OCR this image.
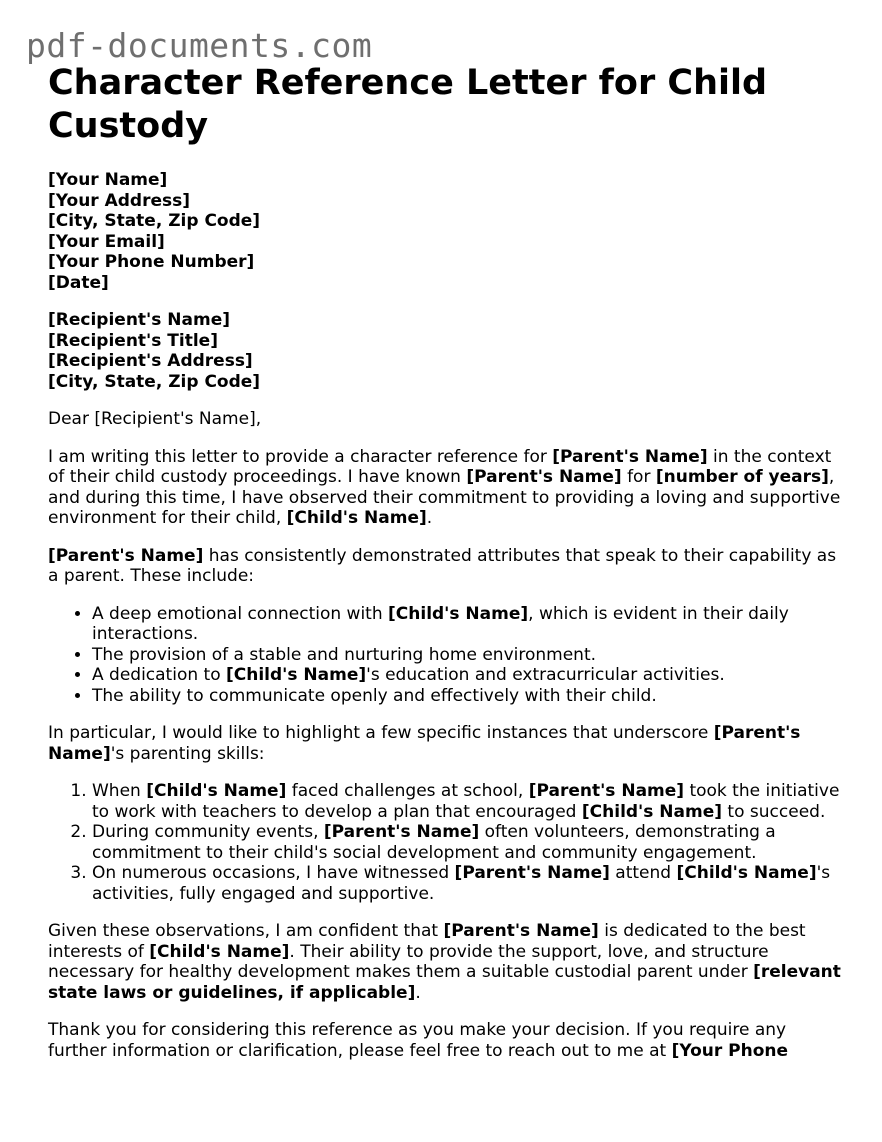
pdf-documents.com
Character Reference Letter for Child Custody
[Your Name]
[Your Address]
[City, State, Zip Code]
[Your Email]
[Your Phone Number]
[Date]
[Recipient's Name]
[Recipient's Title]
[Recipient's Address]
[City, State, Zip Code]

Dear [Recipient's Name],

I am writing this letter to provide a character reference for [Parent's Name] in the context of their child custody proceedings. I have known [Parent's Name] for [number of years], and during this time, I have observed their commitment to providing a loving and supportive environment for their child, [Child's Name].

[Parent's Name] has consistently demonstrated attributes that speak to their capability as a parent. These include:

• A deep emotional connection with [Child's Name], which is evident in their daily interactions.
• The provision of a stable and nurturing home environment.
• A dedication to [Child's Name]'s education and extracurricular activities.
• The ability to communicate openly and effectively with their child.

In particular, I would like to highlight a few specific instances that underscore [Parent's Name]'s parenting skills:

1. When [Child's Name] faced challenges at school, [Parent's Name] took the initiative to work with teachers to develop a plan that encouraged [Child's Name] to succeed.
2. During community events, [Parent's Name] often volunteers, demonstrating a commitment to their child's social development and community engagement.
3. On numerous occasions, I have witnessed [Parent's Name] attend [Child's Name]'s activities, fully engaged and supportive.

Given these observations, I am confident that [Parent's Name] is dedicated to the best interests of [Child's Name]. Their ability to provide the support, love, and structure necessary for healthy development makes them a suitable custodial parent under [relevant state laws or guidelines, if applicable].

Thank you for considering this reference as you make your decision. If you require any further information or clarification, please feel free to reach out to me at [Your Phone
